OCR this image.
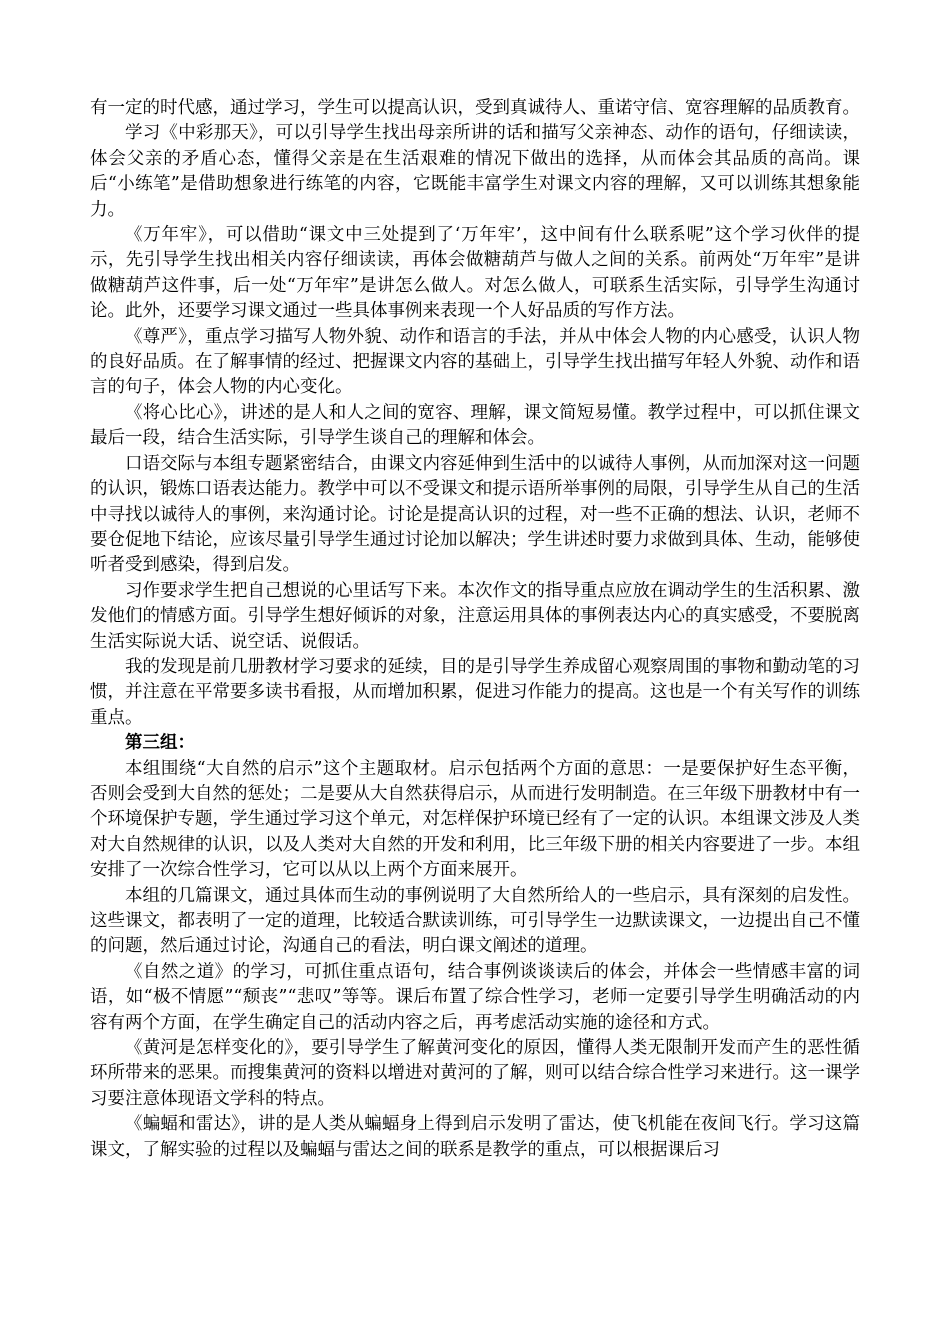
有一定的时代感，通过学习，学生可以提高认识，受到真诚待人、重诺守信、宽容理解的品质教育。

学习《中彩那天》，可以引导学生找出母亲所讲的话和描写父亲神态、动作的语句，仔细读读，体会父亲的矛盾心态，懂得父亲是在生活艰难的情况下做出的选择，从而体会其品质的高尚。课后“小练笔”是借助想象进行练笔的内容，它既能丰富学生对课文内容的理解，又可以训练其想象能力。

《万年牢》，可以借助“课文中三处提到了‘万年牢’，这中间有什么联系呢”这个学习伙伴的提示，先引导学生找出相关内容仔细读读，再体会做糖葫芦与做人之间的关系。前两处“万年牢”是讲做糖葫芦这件事，后一处“万年牢”是讲怎么做人。对怎么做人，可联系生活实际，引导学生沟通讨论。此外，还要学习课文通过一些具体事例来表现一个人好品质的写作方法。

《尊严》，重点学习描写人物外貌、动作和语言的手法，并从中体会人物的内心感受，认识人物的良好品质。在了解事情的经过、把握课文内容的基础上，引导学生找出描写年轻人外貌、动作和语言的句子，体会人物的内心变化。

《将心比心》，讲述的是人和人之间的宽容、理解，课文简短易懂。教学过程中，可以抓住课文最后一段，结合生活实际，引导学生谈自己的理解和体会。

口语交际与本组专题紧密结合，由课文内容延伸到生活中的以诚待人事例，从而加深对这一问题的认识，锻炼口语表达能力。教学中可以不受课文和提示语所举事例的局限，引导学生从自己的生活中寻找以诚待人的事例，来沟通讨论。讨论是提高认识的过程，对一些不正确的想法、认识，老师不要仓促地下结论，应该尽量引导学生通过讨论加以解决；学生讲述时要力求做到具体、生动，能够使听者受到感染，得到启发。

习作要求学生把自己想说的心里话写下来。本次作文的指导重点应放在调动学生的生活积累、激发他们的情感方面。引导学生想好倾诉的对象，注意运用具体的事例表达内心的真实感受，不要脱离生活实际说大话、说空话、说假话。

我的发现是前几册教材学习要求的延续，目的是引导学生养成留心观察周围的事物和勤动笔的习惯，并注意在平常要多读书看报，从而增加积累，促进习作能力的提高。这也是一个有关写作的训练重点。

第三组：

本组围绕“大自然的启示”这个主题取材。启示包括两个方面的意思：一是要保护好生态平衡，否则会受到大自然的惩处；二是要从大自然获得启示，从而进行发明制造。在三年级下册教材中有一个环境保护专题，学生通过学习这个单元，对怎样保护环境已经有了一定的认识。本组课文涉及人类对大自然规律的认识，以及人类对大自然的开发和利用，比三年级下册的相关内容要进了一步。本组安排了一次综合性学习，它可以从以上两个方面来展开。

本组的几篇课文，通过具体而生动的事例说明了大自然所给人的一些启示，具有深刻的启发性。这些课文，都表明了一定的道理，比较适合默读训练，可引导学生一边默读课文，一边提出自己不懂的问题，然后通过讨论，沟通自己的看法，明白课文阐述的道理。

《自然之道》的学习，可抓住重点语句，结合事例谈谈读后的体会，并体会一些情感丰富的词语，如“极不情愿”“颓丧”“悲叹”等等。课后布置了综合性学习，老师一定要引导学生明确活动的内容有两个方面，在学生确定自己的活动内容之后，再考虑活动实施的途径和方式。

《黄河是怎样变化的》，要引导学生了解黄河变化的原因，懂得人类无限制开发而产生的恶性循环所带来的恶果。而搜集黄河的资料以增进对黄河的了解，则可以结合综合性学习来进行。这一课学习要注意体现语文学科的特点。

《蝙蝠和雷达》，讲的是人类从蝙蝠身上得到启示发明了雷达，使飞机能在夜间飞行。学习这篇课文，了解实验的过程以及蝙蝠与雷达之间的联系是教学的重点，可以根据课后习
